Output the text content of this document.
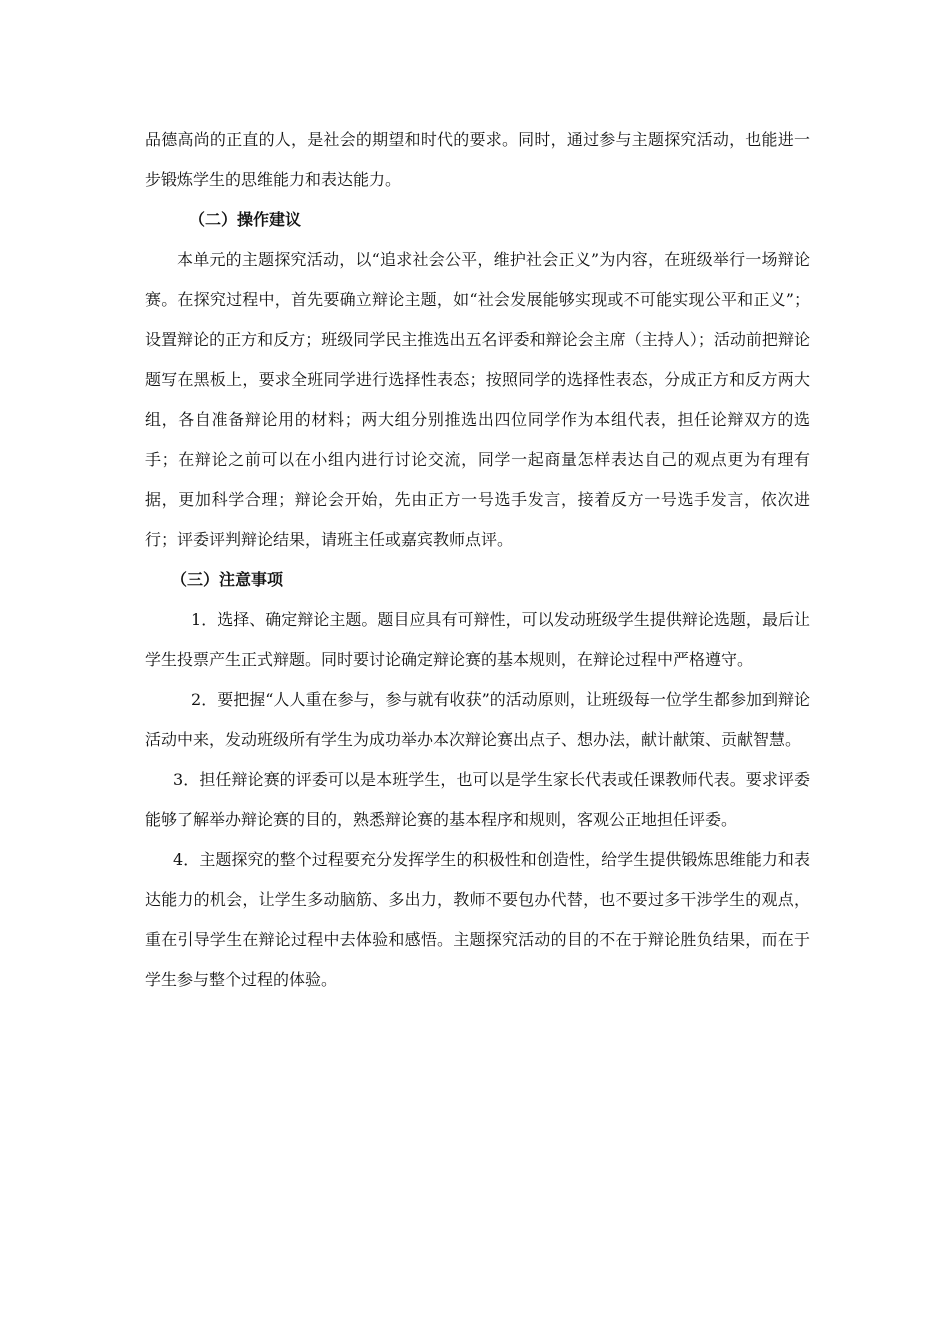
品德高尚的正直的人，是社会的期望和时代的要求。同时，通过参与主题探究活动，也能进一步锻炼学生的思维能力和表达能力。

（二）操作建议

本单元的主题探究活动，以“追求社会公平，维护社会正义”为内容，在班级举行一场辩论赛。在探究过程中，首先要确立辩论主题，如“社会发展能够实现或不可能实现公平和正义”；设置辩论的正方和反方；班级同学民主推选出五名评委和辩论会主席（主持人）；活动前把辩论题写在黑板上，要求全班同学进行选择性表态；按照同学的选择性表态，分成正方和反方两大组，各自准备辩论用的材料；两大组分别推选出四位同学作为本组代表，担任论辩双方的选手；在辩论之前可以在小组内进行讨论交流，同学一起商量怎样表达自己的观点更为有理有据，更加科学合理；辩论会开始，先由正方一号选手发言，接着反方一号选手发言，依次进行；评委评判辩论结果，请班主任或嘉宾教师点评。

（三）注意事项

1．选择、确定辩论主题。题目应具有可辩性，可以发动班级学生提供辩论选题，最后让学生投票产生正式辩题。同时要讨论确定辩论赛的基本规则，在辩论过程中严格遵守。

2．要把握“人人重在参与，参与就有收获”的活动原则，让班级每一位学生都参加到辩论活动中来，发动班级所有学生为成功举办本次辩论赛出点子、想办法，献计献策、贡献智慧。

3．担任辩论赛的评委可以是本班学生，也可以是学生家长代表或任课教师代表。要求评委能够了解举办辩论赛的目的，熟悉辩论赛的基本程序和规则，客观公正地担任评委。

4．主题探究的整个过程要充分发挥学生的积极性和创造性，给学生提供锻炼思维能力和表达能力的机会，让学生多动脑筋、多出力，教师不要包办代替，也不要过多干涉学生的观点，重在引导学生在辩论过程中去体验和感悟。主题探究活动的目的不在于辩论胜负结果，而在于学生参与整个过程的体验。
